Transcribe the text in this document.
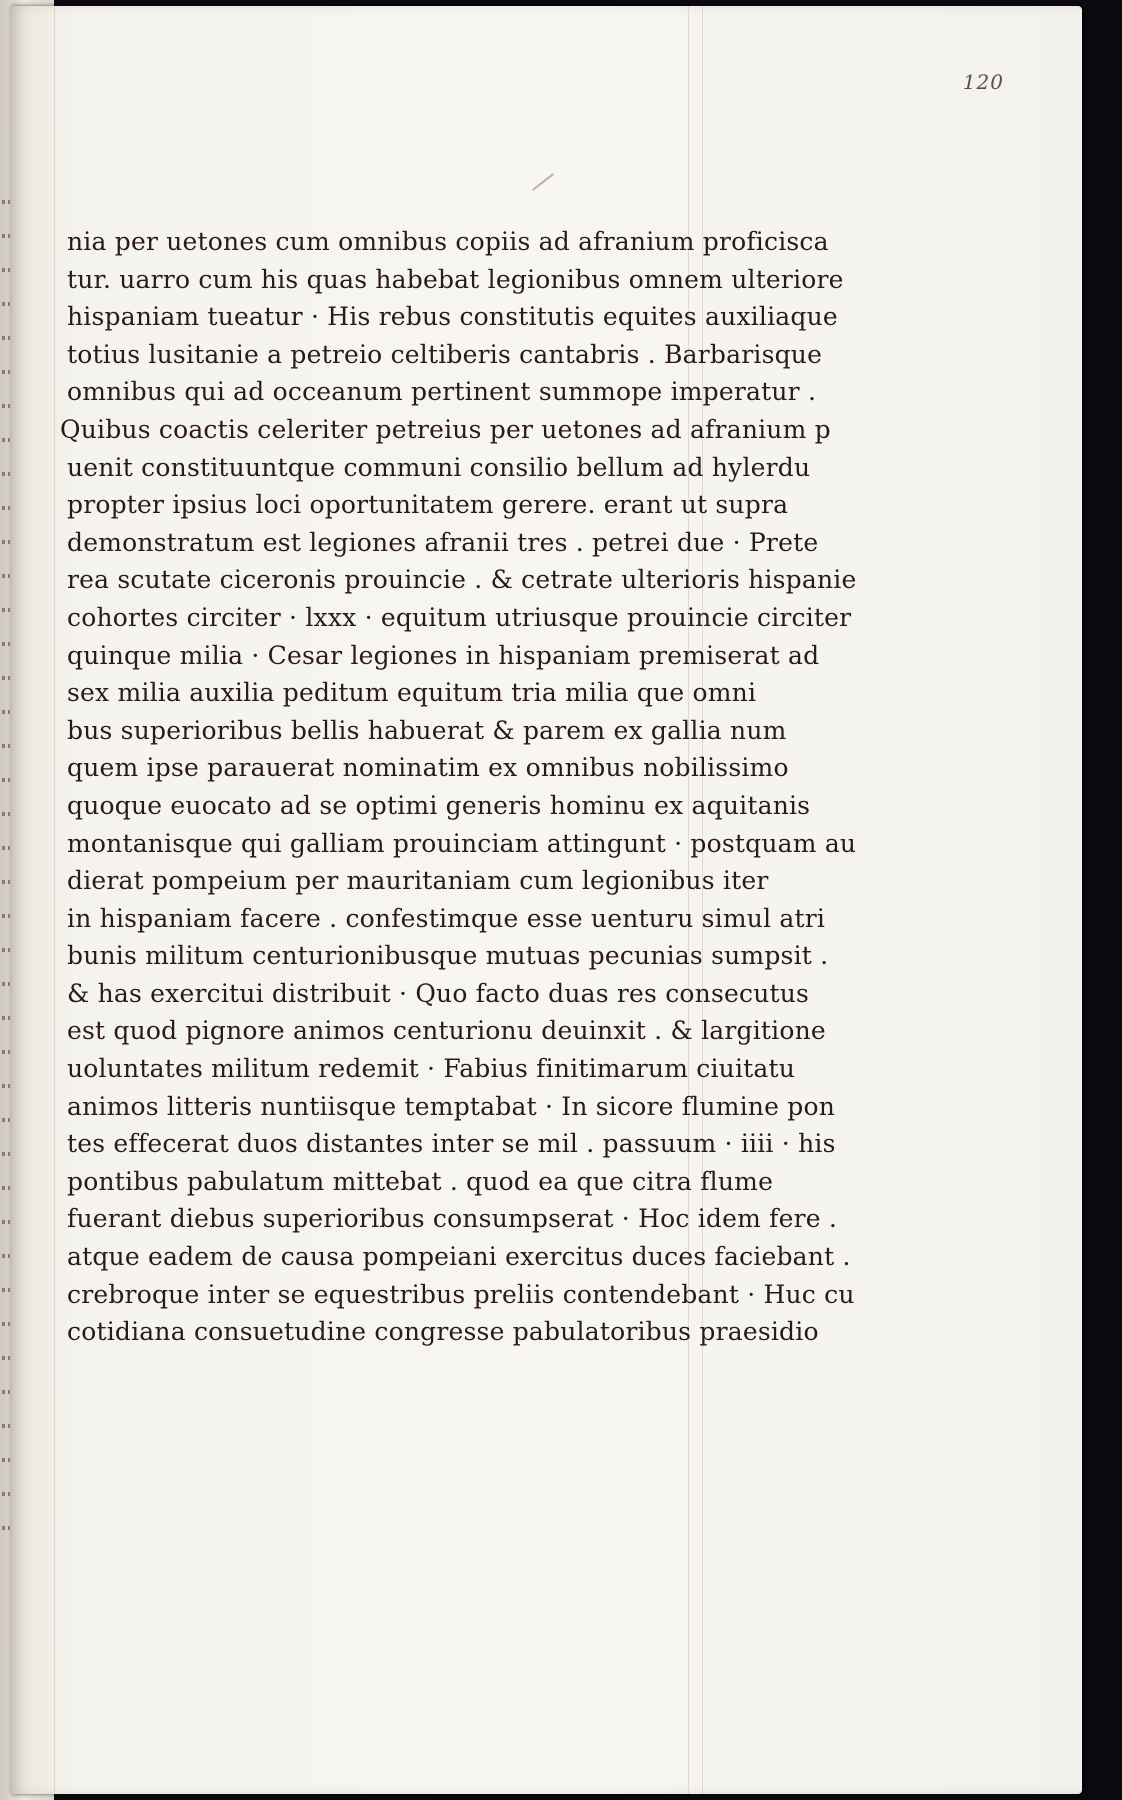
120
nia per uetones cum omnibus copiis ad afranium proficisca
tur. uarro cum his quas habebat legionibus omnem ulteriore
hispaniam tueatur · His rebus constitutis equites auxiliaque
totius lusitanie a petreio celtiberis cantabris . Barbarisque
omnibus qui ad occeanum pertinent summope imperatur .
Quibus coactis celeriter petreius per uetones ad afranium p
uenit constituuntque communi consilio bellum ad hylerdu
propter ipsius loci oportunitatem gerere. erant ut supra
demonstratum est legiones afranii tres . petrei due · Prete
rea scutate ciceronis prouincie . & cetrate ulterioris hispanie
cohortes circiter · lxxx · equitum utriusque prouincie circiter
quinque milia · Cesar legiones in hispaniam premiserat ad
sex milia auxilia peditum equitum tria milia que omni
bus superioribus bellis habuerat & parem ex gallia num
quem ipse parauerat nominatim ex omnibus nobilissimo
quoque euocato ad se optimi generis hominu ex aquitanis
montanisque qui galliam prouinciam attingunt · postquam au
dierat pompeium per mauritaniam cum legionibus iter
in hispaniam facere . confestimque esse uenturu simul atri
bunis militum centurionibusque mutuas pecunias sumpsit .
& has exercitui distribuit · Quo facto duas res consecutus
est quod pignore animos centurionu deuinxit . & largitione
uoluntates militum redemit · Fabius finitimarum ciuitatu
animos litteris nuntiisque temptabat · In sicore flumine pon
tes effecerat duos distantes inter se mil . passuum · iiii · his
pontibus pabulatum mittebat . quod ea que citra flume
fuerant diebus superioribus consumpserat · Hoc idem fere .
atque eadem de causa pompeiani exercitus duces faciebant .
crebroque inter se equestribus preliis contendebant · Huc cu
cotidiana consuetudine congresse pabulatoribus praesidio
